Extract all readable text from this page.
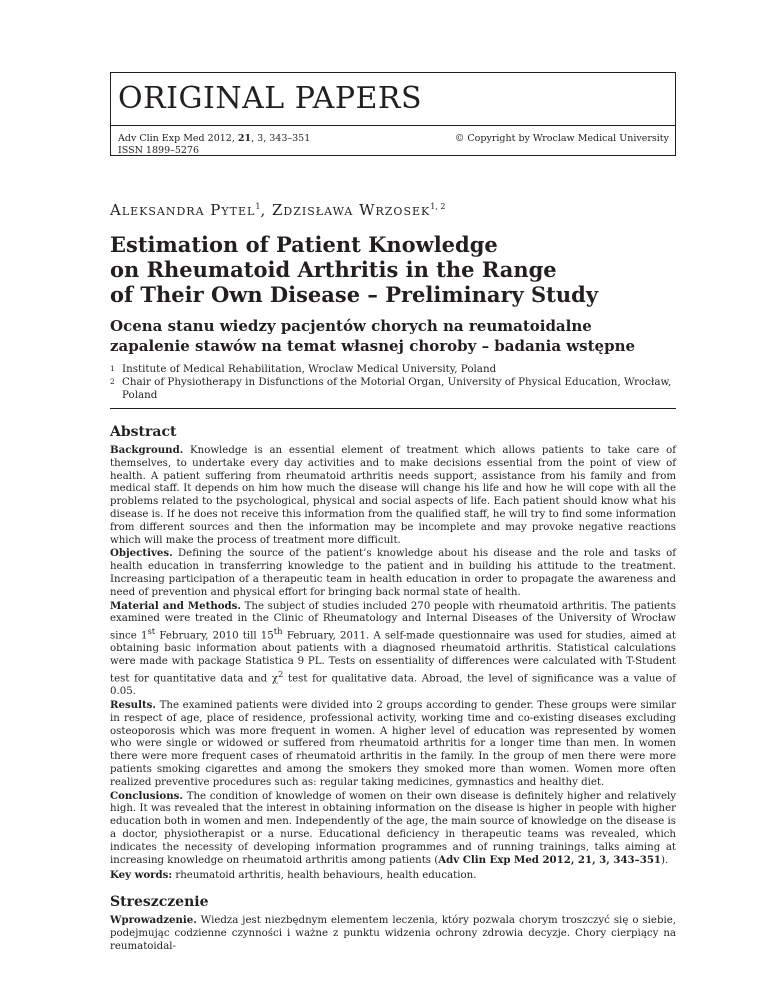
ORIGINAL PAPERS
Adv Clin Exp Med 2012, 21, 3, 343–351
ISSN 1899–5276
© Copyright by Wroclaw Medical University
Aleksandra Pytel$^1$, Zdzisława Wrzosek$^{1, 2}$
Estimation of Patient Knowledge
on Rheumatoid Arthritis in the Range
of Their Own Disease – Preliminary Study
Ocena stanu wiedzy pacjentów chorych na reumatoidalne
zapalenie stawów na temat własnej choroby – badania wstępne
1 Institute of Medical Rehabilitation, Wroclaw Medical University, Poland
2 Chair of Physiotherapy in Disfunctions of the Motorial Organ, University of Physical Education, Wrocław, Poland
Abstract

Background. Knowledge is an essential element of treatment which allows patients to take care of themselves, to undertake every day activities and to make decisions essential from the point of view of health. A patient suffering from rheumatoid arthritis needs support, assistance from his family and from medical staff. It depends on him how much the disease will change his life and how he will cope with all the problems related to the psychological, physical and social aspects of life. Each patient should know what his disease is. If he does not receive this information from the qualified staff, he will try to find some information from different sources and then the information may be incomplete and may provoke negative reactions which will make the process of treatment more difficult.

Objectives. Defining the source of the patient’s knowledge about his disease and the role and tasks of health education in transferring knowledge to the patient and in building his attitude to the treatment. Increasing participation of a therapeutic team in health education in order to propagate the awareness and need of prevention and physical effort for bringing back normal state of health.

Material and Methods. The subject of studies included 270 people with rheumatoid arthritis. The patients examined were treated in the Clinic of Rheumatology and Internal Diseases of the University of Wrocław since 1st February, 2010 till 15th February, 2011. A self-made questionnaire was used for studies, aimed at obtaining basic information about patients with a diagnosed rheumatoid arthritis. Statistical calculations were made with package Statistica 9 PL. Tests on essentiality of differences were calculated with T-Student test for quantitative data and $\chi^2$ test for qualitative data. Abroad, the level of significance was a value of 0.05.

Results. The examined patients were divided into 2 groups according to gender. These groups were similar in respect of age, place of residence, professional activity, working time and co-existing diseases excluding osteoporosis which was more frequent in women. A higher level of education was represented by women who were single or widowed or suffered from rheumatoid arthritis for a longer time than men. In women there were more frequent cases of rheumatoid arthritis in the family. In the group of men there were more patients smoking cigarettes and among the smokers they smoked more than women. Women more often realized preventive procedures such as: regular taking medicines, gymnastics and healthy diet.

Conclusions. The condition of knowledge of women on their own disease is definitely higher and relatively high. It was revealed that the interest in obtaining information on the disease is higher in people with higher education both in women and men. Independently of the age, the main source of knowledge on the disease is a doctor, physiotherapist or a nurse. Educational deficiency in therapeutic teams was revealed, which indicates the necessity of developing information programmes and of running trainings, talks aiming at increasing knowledge on rheumatoid arthritis among patients (Adv Clin Exp Med 2012, 21, 3, 343–351).

Key words: rheumatoid arthritis, health behaviours, health education.

Streszczenie

Wprowadzenie. Wiedza jest niezbędnym elementem leczenia, który pozwala chorym troszczyć się o siebie, podejmując codzienne czynności i ważne z punktu widzenia ochrony zdrowia decyzje. Chory cierpiący na reumatoidal-
